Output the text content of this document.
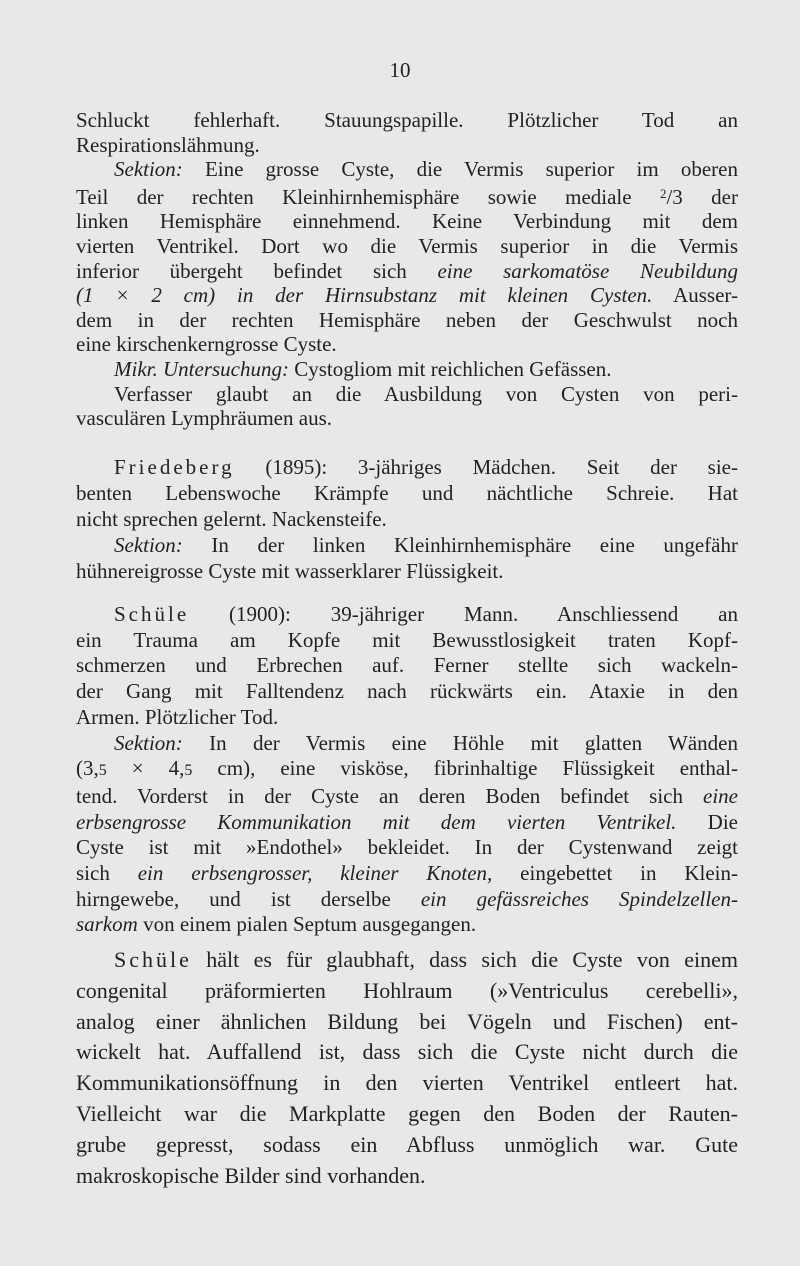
10
Schluckt fehlerhaft. Stauungspapille. Plötzlicher Tod an
Respirationslähmung.
Sektion: Eine grosse Cyste, die Vermis superior im oberen
Teil der rechten Kleinhirnhemisphäre sowie mediale $^2$/3 der
linken Hemisphäre einnehmend. Keine Verbindung mit dem
vierten Ventrikel. Dort wo die Vermis superior in die Vermis
inferior übergeht befindet sich eine sarkomatöse Neubildung
(1 × 2 cm) in der Hirnsubstanz mit kleinen Cysten. Ausser-
dem in der rechten Hemisphäre neben der Geschwulst noch
eine kirschenkerngrosse Cyste.
Mikr. Untersuchung: Cystogliom mit reichlichen Gefässen.
Verfasser glaubt an die Ausbildung von Cysten von peri-
vasculären Lymphräumen aus.
Friedeberg (1895): 3-jähriges Mädchen. Seit der sie-
benten Lebenswoche Krämpfe und nächtliche Schreie. Hat
nicht sprechen gelernt. Nackensteife.
Sektion: In der linken Kleinhirnhemisphäre eine ungefähr
hühnereigrosse Cyste mit wasserklarer Flüssigkeit.
Schüle (1900): 39-jähriger Mann. Anschliessend an
ein Trauma am Kopfe mit Bewusstlosigkeit traten Kopf-
schmerzen und Erbrechen auf. Ferner stellte sich wackeln-
der Gang mit Falltendenz nach rückwärts ein. Ataxie in den
Armen. Plötzlicher Tod.
Sektion: In der Vermis eine Höhle mit glatten Wänden
(3,5 × 4,5 cm), eine visköse, fibrinhaltige Flüssigkeit enthal-
tend. Vorderst in der Cyste an deren Boden befindet sich eine
erbsengrosse Kommunikation mit dem vierten Ventrikel. Die
Cyste ist mit »Endothel» bekleidet. In der Cystenwand zeigt
sich ein erbsengrosser, kleiner Knoten, eingebettet in Klein-
hirngewebe, und ist derselbe ein gefässreiches Spindelzellen-
sarkom von einem pialen Septum ausgegangen.
Schüle hält es für glaubhaft, dass sich die Cyste von einem
congenital präformierten Hohlraum (»Ventriculus cerebelli»,
analog einer ähnlichen Bildung bei Vögeln und Fischen) ent-
wickelt hat. Auffallend ist, dass sich die Cyste nicht durch die
Kommunikationsöffnung in den vierten Ventrikel entleert hat.
Vielleicht war die Markplatte gegen den Boden der Rauten-
grube gepresst, sodass ein Abfluss unmöglich war. Gute
makroskopische Bilder sind vorhanden.
